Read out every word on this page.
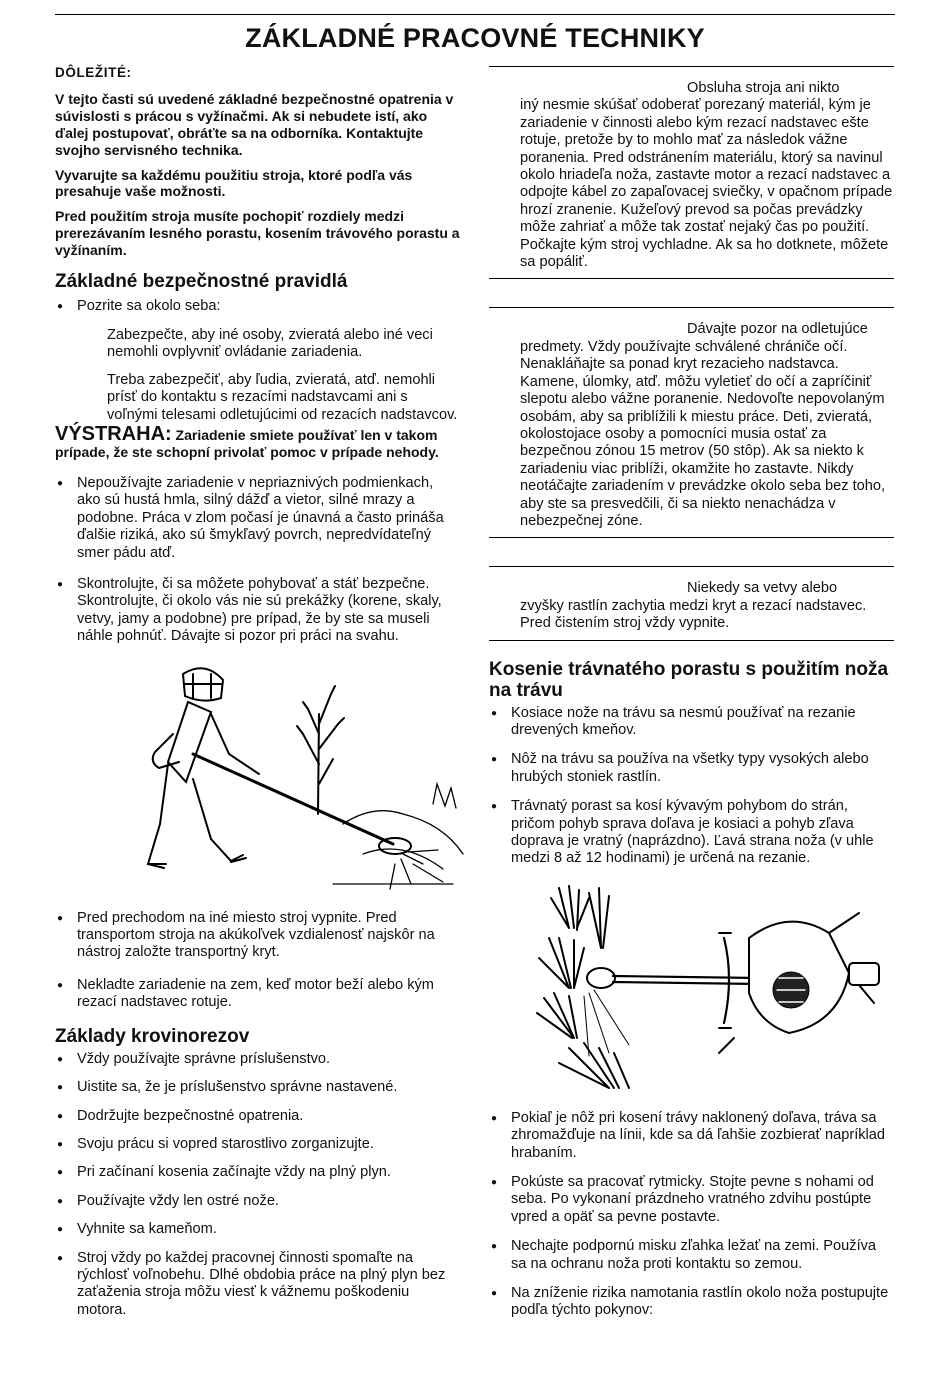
ZÁKLADNÉ PRACOVNÉ TECHNIKY
DÔLEŽITÉ:

V tejto časti sú uvedené základné bezpečnostné opatrenia v súvislosti s prácou s vyžínačmi. Ak si nebudete istí, ako ďalej postupovať, obráťte sa na odborníka. Kontaktujte svojho servisného technika.

Vyvarujte sa každému použitiu stroja, ktoré podľa vás presahuje vaše možnosti.

Pred použitím stroja musíte pochopiť rozdiely medzi prerezávaním lesného porastu, kosením trávového porastu a vyžínaním.

Základné bezpečnostné pravidlá
● Pozrite sa okolo seba:

Zabezpečte, aby iné osoby, zvieratá alebo iné veci nemohli ovplyvniť ovládanie zariadenia.

Treba zabezpečiť, aby ľudia, zvieratá, atď. nemohli prísť do kontaktu s rezacími nadstavcami ani s voľnými telesami odletujúcimi od rezacích nadstavcov.

VÝSTRAHA: Zariadenie smiete používať len v takom prípade, že ste schopní privolať pomoc v prípade nehody.

● Nepoužívajte zariadenie v nepriaznivých podmienkach, ako sú hustá hmla, silný dážď a vietor, silné mrazy a podobne. Práca v zlom počasí je únavná a často prináša ďalšie riziká, ako sú šmykľavý povrch, nepredvídateľný smer pádu atď.
● Skontrolujte, či sa môžete pohybovať a stáť bezpečne. Skontrolujte, či okolo vás nie sú prekážky (korene, skaly, vetvy, jamy a podobne) pre prípad, že by ste sa museli náhle pohnúť. Dávajte si pozor pri práci na svahu.
● Pred prechodom na iné miesto stroj vypnite. Pred transportom stroja na akúkoľvek vzdialenosť najskôr na nástroj založte transportný kryt.
● Nekladte zariadenie na zem, keď motor beží alebo kým rezací nadstavec rotuje.
Základy krovinorezov
● Vždy používajte správne príslušenstvo.
● Uistite sa, že je príslušenstvo správne nastavené.
● Dodržujte bezpečnostné opatrenia.
● Svoju prácu si vopred starostlivo zorganizujte.
● Pri začínaní kosenia začínajte vždy na plný plyn.
● Používajte vždy len ostré nože.
● Vyhnite sa kameňom.
● Stroj vždy po každej pracovnej činnosti spomaľte na rýchlosť voľnobehu. Dlhé obdobia práce na plný plyn bez zaťaženia stroja môžu viesť k vážnemu poškodeniu motora.

Obsluha stroja ani nikto

iný nesmie skúšať odoberať porezaný materiál, kým je zariadenie v činnosti alebo kým rezací nadstavec ešte rotuje, pretože by to mohlo mať za následok vážne poranenia. Pred odstránením materiálu, ktorý sa navinul okolo hriadeľa noža, zastavte motor a rezací nadstavec a odpojte kábel zo zapaľovacej sviečky, v opačnom prípade hrozí zranenie. Kužeľový prevod sa počas prevádzky môže zahriať a môže tak zostať nejaký čas po použití. Počkajte kým stroj vychladne. Ak sa ho dotknete, môžete sa popáliť.

Dávajte pozor na odletujúce

predmety. Vždy používajte schválené chrániče očí. Nenakláňajte sa ponad kryt rezacieho nadstavca. Kamene, úlomky, atď. môžu vyletieť do očí a zapríčiniť slepotu alebo vážne poranenie. Nedovoľte nepovolaným osobám, aby sa priblížili k miestu práce. Deti, zvieratá, okolostojace osoby a pomocníci musia ostať za bezpečnou zónou 15 metrov (50 stôp). Ak sa niekto k zariadeniu viac priblíži, okamžite ho zastavte. Nikdy neotáčajte zariadením v prevádzke okolo seba bez toho, aby ste sa presvedčili, či sa niekto nenachádza v nebezpečnej zóne.

Niekedy sa vetvy alebo

zvyšky rastlín zachytia medzi kryt a rezací nadstavec. Pred čistením stroj vždy vypnite.

Kosenie trávnatého porastu s použitím noža na trávu
● Kosiace nože na trávu sa nesmú používať na rezanie drevených kmeňov.
● Nôž na trávu sa používa na všetky typy vysokých alebo hrubých stoniek rastlín.
● Trávnatý porast sa kosí kývavým pohybom do strán, pričom pohyb sprava doľava je kosiaci a pohyb zľava doprava je vratný (naprázdno). Ľavá strana noža (v uhle medzi 8 až 12 hodinami) je určená na rezanie.
● Pokiaľ je nôž pri kosení trávy naklonený doľava, tráva sa zhromažďuje na línii, kde sa dá ľahšie zozbierať napríklad hrabaním.
● Pokúste sa pracovať rytmicky. Stojte pevne s nohami od seba. Po vykonaní prázdneho vratného zdvihu postúpte vpred a opäť sa pevne postavte.
● Nechajte podpornú misku zľahka ležať na zemi. Používa sa na ochranu noža proti kontaktu so zemou.
● Na zníženie rizika namotania rastlín okolo noža postupujte podľa týchto pokynov:
